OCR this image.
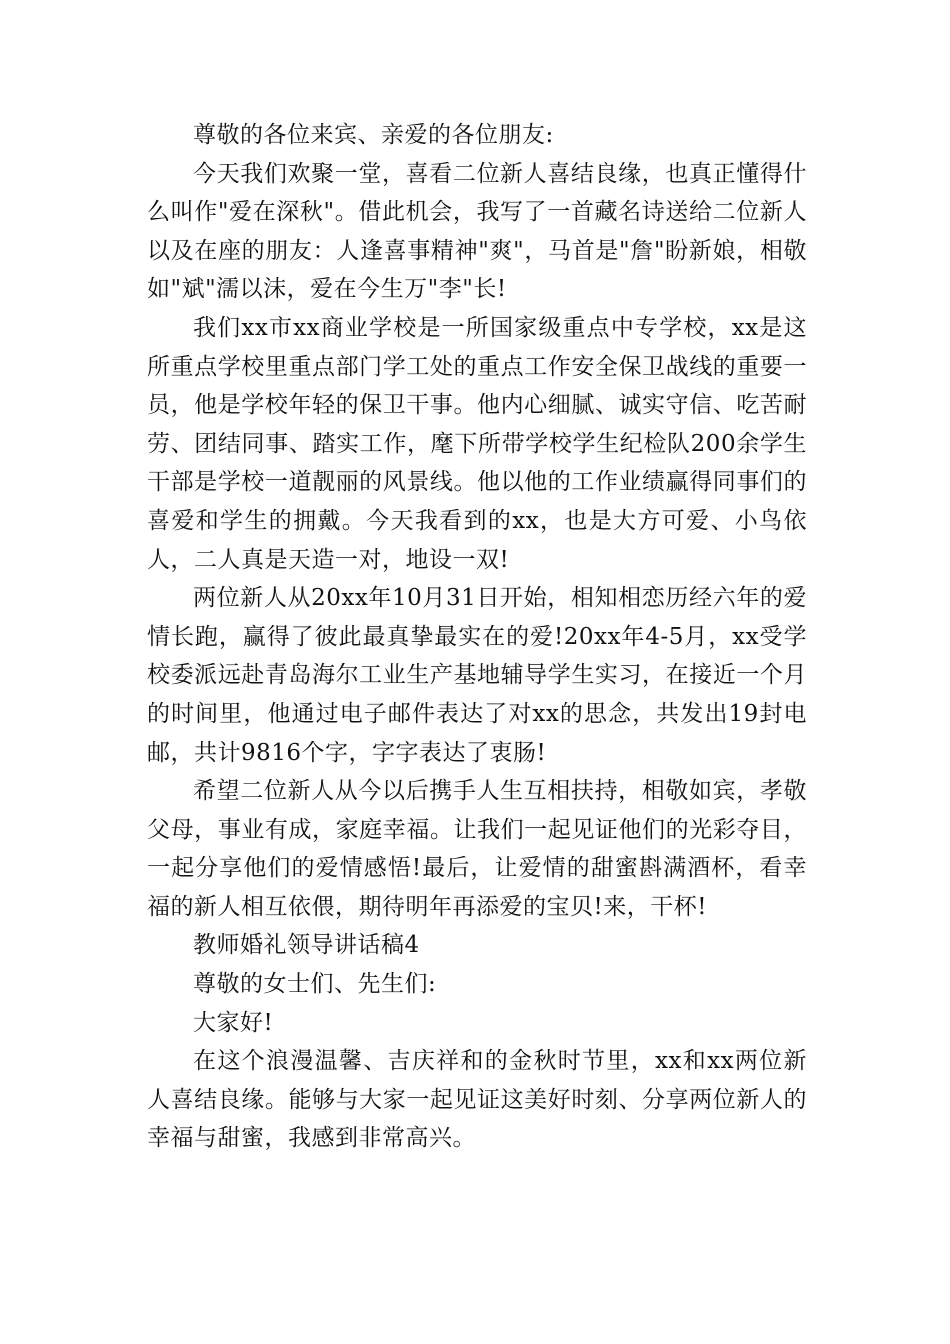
尊敬的各位来宾、亲爱的各位朋友:

今天我们欢聚一堂，喜看二位新人喜结良缘，也真正懂得什么叫作"爱在深秋"。借此机会，我写了一首藏名诗送给二位新人以及在座的朋友：人逢喜事精神"爽"，马首是"詹"盼新娘，相敬如"斌"濡以沫，爱在今生万"李"长!

我们xx市xx商业学校是一所国家级重点中专学校，xx是这所重点学校里重点部门学工处的重点工作安全保卫战线的重要一员，他是学校年轻的保卫干事。他内心细腻、诚实守信、吃苦耐劳、团结同事、踏实工作，麾下所带学校学生纪检队200余学生干部是学校一道靓丽的风景线。他以他的工作业绩赢得同事们的喜爱和学生的拥戴。今天我看到的xx，也是大方可爱、小鸟依人，二人真是天造一对，地设一双!

两位新人从20xx年10月31日开始，相知相恋历经六年的爱情长跑，赢得了彼此最真挚最实在的爱!20xx年4-5月，xx受学校委派远赴青岛海尔工业生产基地辅导学生实习，在接近一个月的时间里，他通过电子邮件表达了对xx的思念，共发出19封电邮，共计9816个字，字字表达了衷肠!

希望二位新人从今以后携手人生互相扶持，相敬如宾，孝敬父母，事业有成，家庭幸福。让我们一起见证他们的光彩夺目，一起分享他们的爱情感悟!最后，让爱情的甜蜜斟满酒杯，看幸福的新人相互依偎，期待明年再添爱的宝贝!来，干杯!

教师婚礼领导讲话稿4

尊敬的女士们、先生们:

大家好!

在这个浪漫温馨、吉庆祥和的金秋时节里，xx和xx两位新人喜结良缘。能够与大家一起见证这美好时刻、分享两位新人的幸福与甜蜜，我感到非常高兴。
